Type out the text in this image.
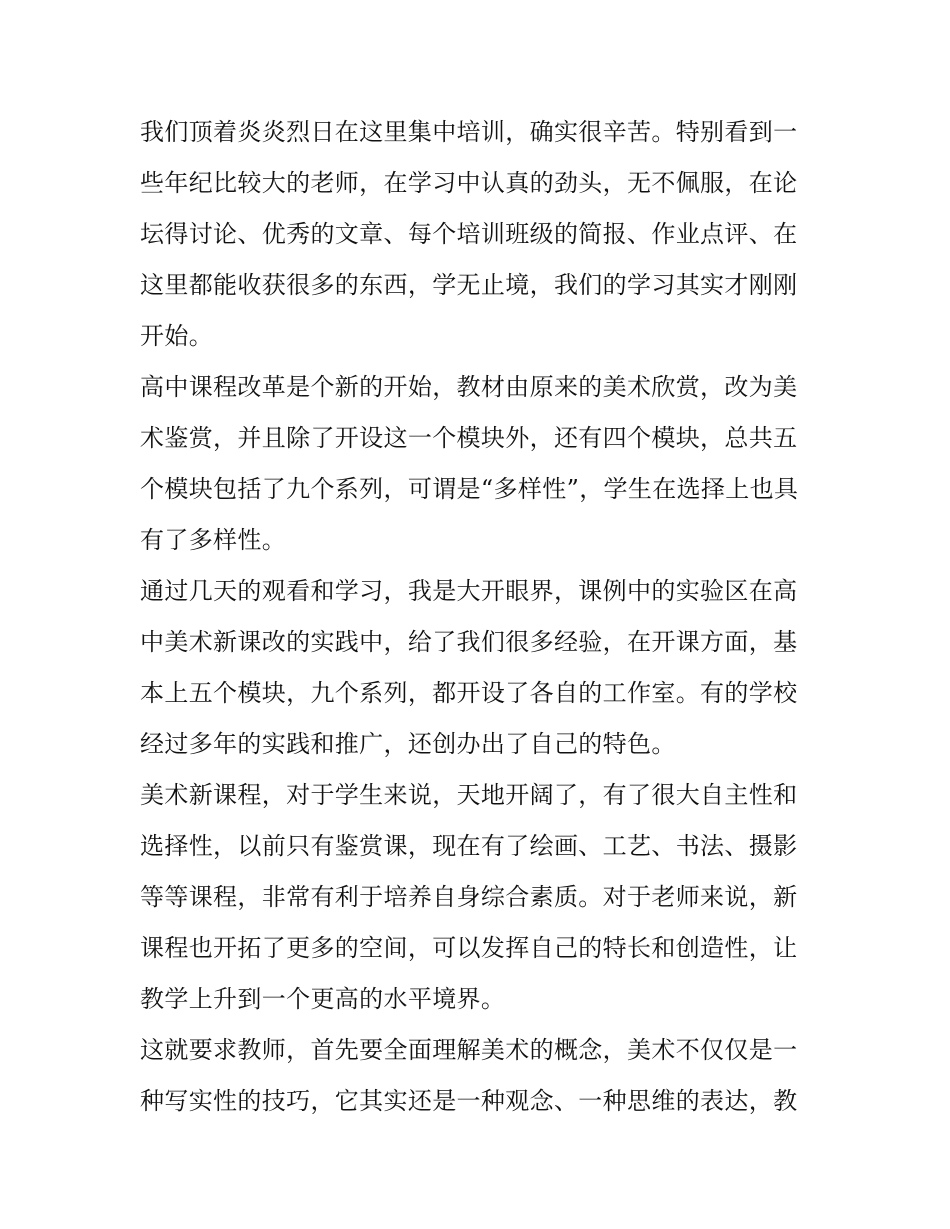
我们顶着炎炎烈日在这里集中培训，确实很辛苦。特别看到一
些年纪比较大的老师，在学习中认真的劲头，无不佩服，在论
坛得讨论、优秀的文章、每个培训班级的简报、作业点评、在
这里都能收获很多的东西，学无止境，我们的学习其实才刚刚
开始。
高中课程改革是个新的开始，教材由原来的美术欣赏，改为美
术鉴赏，并且除了开设这一个模块外，还有四个模块，总共五
个模块包括了九个系列，可谓是“多样性”，学生在选择上也具
有了多样性。
通过几天的观看和学习，我是大开眼界，课例中的实验区在高
中美术新课改的实践中，给了我们很多经验，在开课方面，基
本上五个模块，九个系列，都开设了各自的工作室。有的学校
经过多年的实践和推广，还创办出了自己的特色。
美术新课程，对于学生来说，天地开阔了，有了很大自主性和
选择性，以前只有鉴赏课，现在有了绘画、工艺、书法、摄影
等等课程，非常有利于培养自身综合素质。对于老师来说，新
课程也开拓了更多的空间，可以发挥自己的特长和创造性，让
教学上升到一个更高的水平境界。
这就要求教师，首先要全面理解美术的概念，美术不仅仅是一
种写实性的技巧，它其实还是一种观念、一种思维的表达，教
